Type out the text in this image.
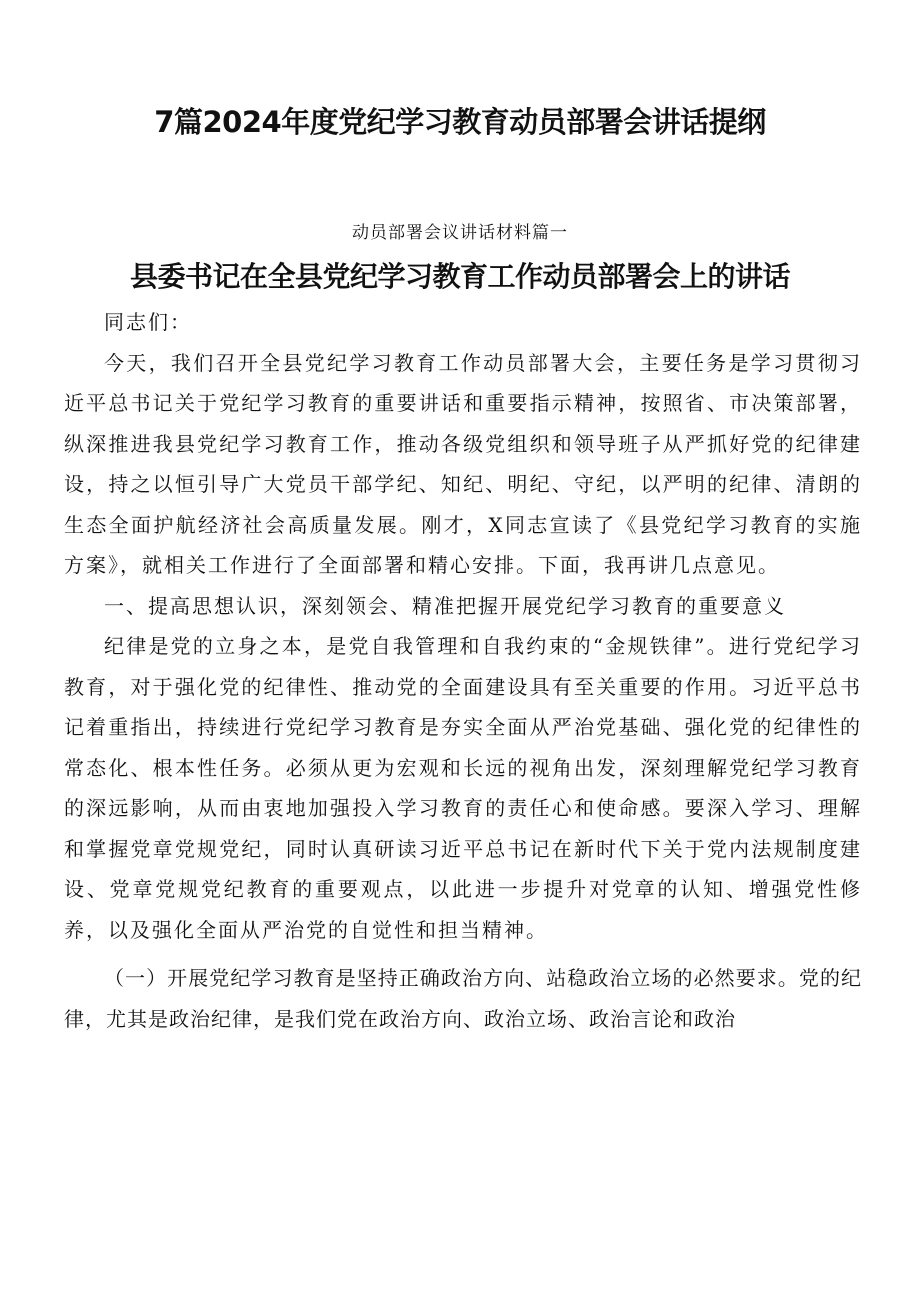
7篇2024年度党纪学习教育动员部署会讲话提纲
动员部署会议讲话材料篇一
县委书记在全县党纪学习教育工作动员部署会上的讲话

同志们：

今天，我们召开全县党纪学习教育工作动员部署大会，主要任务是学习贯彻习近平总书记关于党纪学习教育的重要讲话和重要指示精神，按照省、市决策部署，纵深推进我县党纪学习教育工作，推动各级党组织和领导班子从严抓好党的纪律建设，持之以恒引导广大党员干部学纪、知纪、明纪、守纪，以严明的纪律、清朗的生态全面护航经济社会高质量发展。刚才，X同志宣读了《县党纪学习教育的实施方案》，就相关工作进行了全面部署和精心安排。下面，我再讲几点意见。

一、提高思想认识，深刻领会、精准把握开展党纪学习教育的重要意义

纪律是党的立身之本，是党自我管理和自我约束的“金规铁律”。进行党纪学习教育，对于强化党的纪律性、推动党的全面建设具有至关重要的作用。习近平总书记着重指出，持续进行党纪学习教育是夯实全面从严治党基础、强化党的纪律性的常态化、根本性任务。必须从更为宏观和长远的视角出发，深刻理解党纪学习教育的深远影响，从而由衷地加强投入学习教育的责任心和使命感。要深入学习、理解和掌握党章党规党纪，同时认真研读习近平总书记在新时代下关于党内法规制度建设、党章党规党纪教育的重要观点，以此进一步提升对党章的认知、增强党性修养，以及强化全面从严治党的自觉性和担当精神。

（一）开展党纪学习教育是坚持正确政治方向、站稳政治立场的必然要求。党的纪律，尤其是政治纪律，是我们党在政治方向、政治立场、政治言论和政治
